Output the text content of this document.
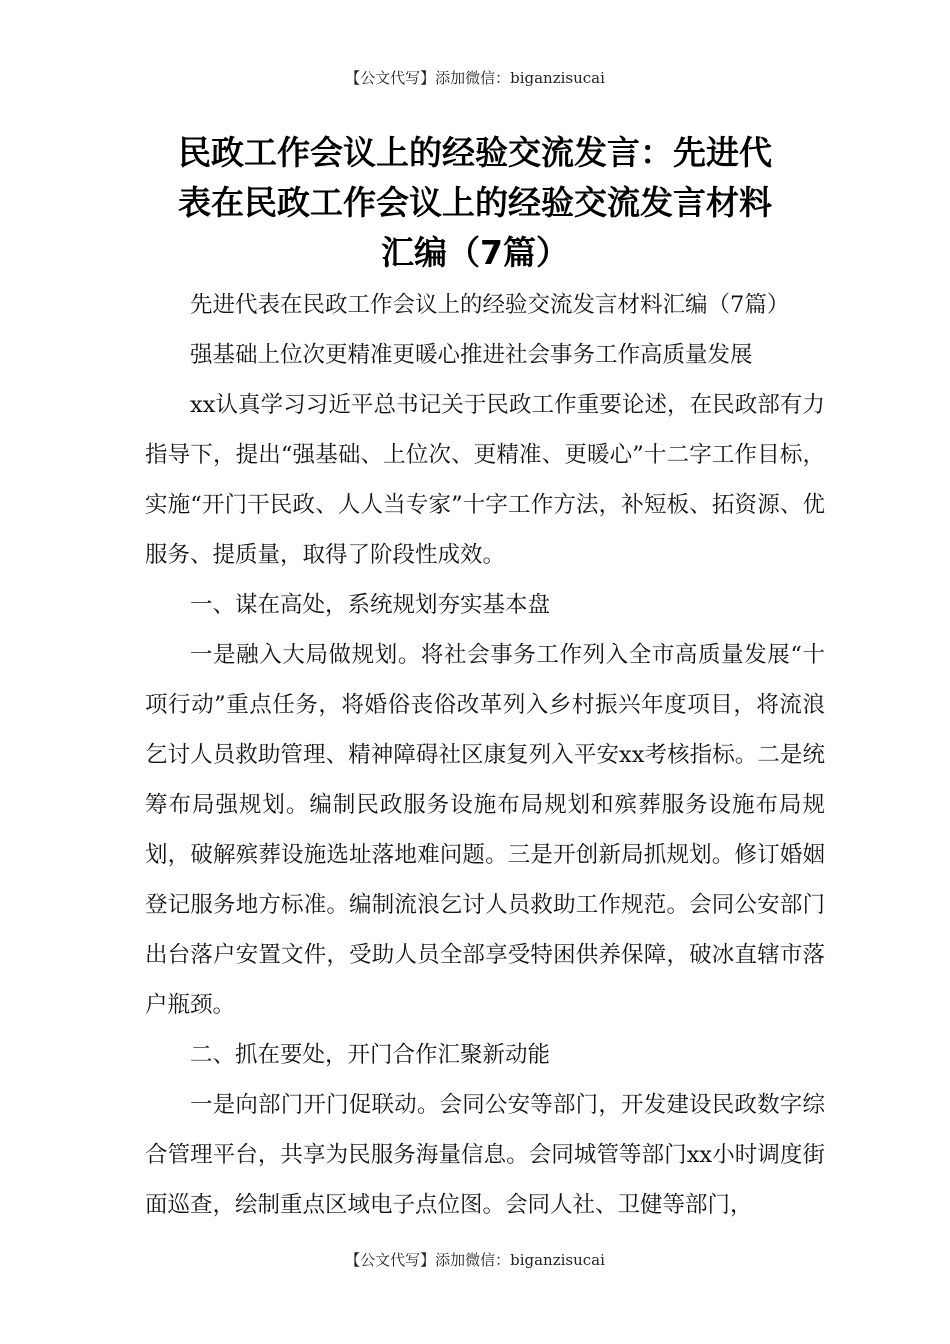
【公文代写】添加微信：biganzisucai
民政工作会议上的经验交流发言：先进代
表在民政工作会议上的经验交流发言材料
汇编（7篇）

先进代表在民政工作会议上的经验交流发言材料汇编（7篇）

强基础上位次更精准更暖心推进社会事务工作高质量发展

xx认真学习习近平总书记关于民政工作重要论述，在民政部有力指导下，提出“强基础、上位次、更精准、更暖心”十二字工作目标，实施“开门干民政、人人当专家”十字工作方法，补短板、拓资源、优服务、提质量，取得了阶段性成效。

一、谋在高处，系统规划夯实基本盘

一是融入大局做规划。将社会事务工作列入全市高质量发展“十项行动”重点任务，将婚俗丧俗改革列入乡村振兴年度项目，将流浪乞讨人员救助管理、精神障碍社区康复列入平安xx考核指标。二是统筹布局强规划。编制民政服务设施布局规划和殡葬服务设施布局规划，破解殡葬设施选址落地难问题。三是开创新局抓规划。修订婚姻登记服务地方标准。编制流浪乞讨人员救助工作规范。会同公安部门出台落户安置文件，受助人员全部享受特困供养保障，破冰直辖市落户瓶颈。

二、抓在要处，开门合作汇聚新动能

一是向部门开门促联动。会同公安等部门，开发建设民政数字综合管理平台，共享为民服务海量信息。会同城管等部门xx小时调度街面巡查，绘制重点区域电子点位图。会同人社、卫健等部门，

【公文代写】添加微信：biganzisucai
